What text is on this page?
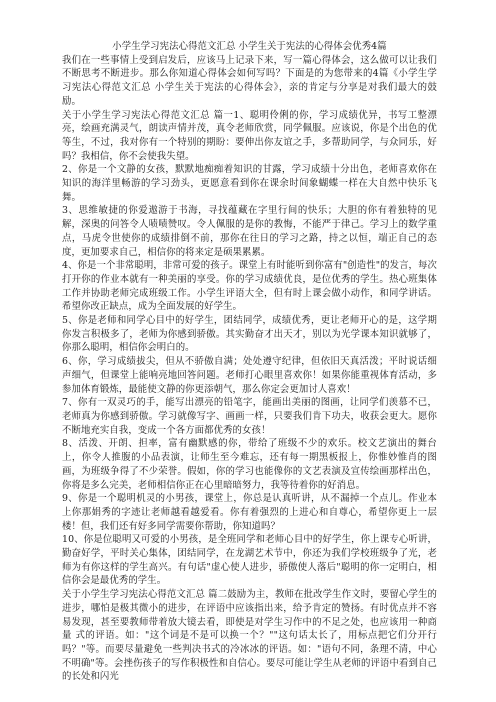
小学生学习宪法心得范文汇总 小学生关于宪法的心得体会优秀4篇

我们在一些事情上受到启发后，应该马上记录下来，写一篇心得体会，这么做可以让我们不断思考不断进步。那么你知道心得体会如何写吗？下面是的为您带来的4篇《小学生学习宪法心得范文汇总 小学生关于宪法的心得体会》，亲的肯定与分享是对我们最大的鼓励。

关于小学生学习宪法心得范文汇总 篇一1、聪明伶俐的你，学习成绩优异，书写工整漂亮，绘画充满灵气，朗读声情并茂，真令老师欣赏，同学佩服。应该说，你是个出色的优等生，不过，我对你有一个特别的期盼：要伸出你友谊之手，多帮助同学，与众同乐，好吗？我相信，你不会使我失望。

2、你是一个文静的女孩，默默地痴痴着知识的甘露，学习成绩十分出色，老师喜欢你在知识的海洋里畅游的学习劲头，更愿意看到你在课余时间象蝴蝶一样在大自然中快乐飞舞。

3、思维敏捷的你爱遨游于书海，寻找蕴藏在字里行间的快乐；大胆的你有着独特的见解，深奥的问答令人啧啧赞叹。令人佩服的是你的教悔，不能严于律己。学习上的数学重点，马虎令世使你的成绩排倒不前，那你在往日的学习之路，持之以恒，端正自己的态度，更加要求自己，相信你的将来定是硕果累累。

4、你是一个非常聪明，非常可爱的孩子。课堂上有时能听到你富有"创造性"的发言，每次打开你的作业本就有一种美丽的享受。你的学习成绩优良，是位优秀的学生。热心班集体工作并协助老师完成班级工作。小学生评语大全，但有时上课会做小动作，和同学讲话。希望你改正缺点，成为全面发展的好学生。

5、你是老师和同学心目中的好学生，团结同学，成绩优秀，更让老师开心的是，这学期你发言积极多了，老师为你感到骄傲。其实勤奋才出天才，别以为光学课本知识就够了，你那么聪明，相信你会明白的。

6、你，学习成绩拔尖，但从不骄傲自满；处处遵守纪律，但依旧天真活泼；平时说话细声细气，但课堂上能响亮地回答问题。老师打心眼里喜欢你！如果你能重视体育活动，多参加体育锻炼，最能使文静的你更添朝气，那么你定会更加讨人喜欢！

7、你有一双灵巧的手，能写出漂亮的铅笔字，能画出美丽的图画，让同学们羡慕不已，老师真为你感到骄傲。学习就像写字、画画一样，只要我们肯下功夫，收获会更大。愿你不断地充实自我，变成一个各方面都优秀的女孩！

8、活泼、开朗、担率，富有幽默感的你，带给了班级不少的欢乐。校文艺演出的舞台上，你令人推腹的小品表演，让师生至今难忘，还有每一期黑板报上，你惟妙惟肖的图画，为班级争得了不少荣誉。假如，你的学习也能像你的文艺表演及宣传绘画那样出色，你将是多么完美，老师相信你正在心里暗暗努力，我等待着你的好消息。

9、你是一个聪明机灵的小男孩，课堂上，你总是认真听讲，从不漏掉一个点儿。作业本上你那娟秀的字迹让老师越看越爱看。你有着强烈的上进心和自尊心，希望你更上一层楼！但，我们还有好多同学需要你帮助，你知道吗？

10、你是位聪明又可爱的小男孩，是全班同学和老师心目中的好学生，你上课专心听讲，勤奋好学，平时关心集体，团结同学，在龙湖艺术节中，你还为我们学校班级争了光，老师为有你这样的学生高兴。有句话"虚心使人进步，骄傲使人落后"聪明的你一定明白，相信你会是最优秀的学生。

关于小学生学习宪法心得范文汇总 篇二鼓励为主，教师在批改学生作文时，要留心学生的进步，哪怕是极其微小的进步，在评语中应该指出来，给予肯定的赞扬。有时优点并不容易发现，甚至要教师带着放大镜去看，即使是对学生习作中的不足之处，也应该用一种商量 式的评语。如："这个词是不是可以换一个？""这句话太长了，用标点把它们分开行吗？"等。而要尽量避免一些判决书式的冷冰冰的评语。如："语句不同，条理不清，中心不明确"等。会挫伤孩子的写作积极性和自信心。要尽可能让学生从老师的评语中看到自己的长处和闪光
